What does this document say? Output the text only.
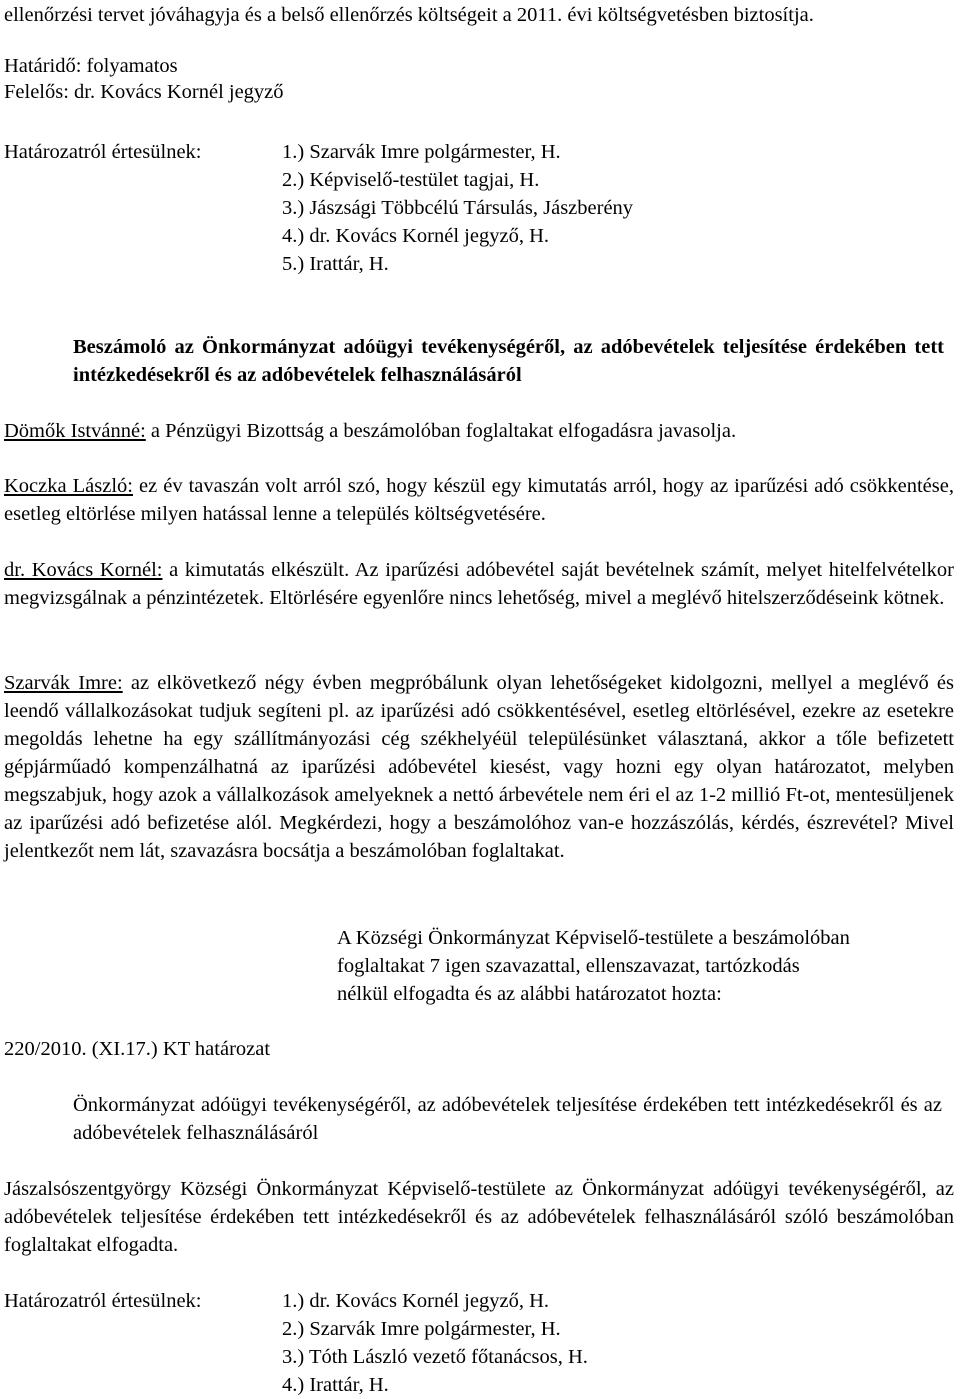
ellenőrzési tervet jóváhagyja és a belső ellenőrzés költségeit a 2011. évi költségvetésben biztosítja.

Határidő: folyamatos

Felelős: dr. Kovács Kornél jegyző

Határozatról értesülnek:	1.) Szarvák Imre polgármester, H.

2.) Képviselő-testület tagjai, H.

3.) Jászsági Többcélú Társulás, Jászberény

4.) dr. Kovács Kornél jegyző, H.

5.) Irattár, H.

Beszámoló az Önkormányzat adóügyi tevékenységéről, az adóbevételek teljesítése érdekében tett intézkedésekről és az adóbevételek felhasználásáról

Dömők Istvánné: a Pénzügyi Bizottság a beszámolóban foglaltakat elfogadásra javasolja.

Koczka László: ez év tavaszán volt arról szó, hogy készül egy kimutatás arról, hogy az iparűzési adó csökkentése, esetleg eltörlése milyen hatással lenne a település költségvetésére.

dr. Kovács Kornél: a kimutatás elkészült. Az iparűzési adóbevétel saját bevételnek számít, melyet hitelfelvételkor megvizsgálnak a pénzintézetek. Eltörlésére egyenlőre nincs lehetőség, mivel a meglévő hitelszerződéseink kötnek.

Szarvák Imre: az elkövetkező négy évben megpróbálunk olyan lehetőségeket kidolgozni, mellyel a meglévő és leendő vállalkozásokat tudjuk segíteni pl. az iparűzési adó csökkentésével, esetleg eltörlésével, ezekre az esetekre megoldás lehetne ha egy szállítmányozási cég székhelyéül településünket választaná, akkor a tőle befizetett gépjárműadó kompenzálhatná az iparűzési adóbevétel kiesést, vagy hozni egy olyan határozatot, melyben megszabjuk, hogy azok a vállalkozások amelyeknek a nettó árbevétele nem éri el az 1-2 millió Ft-ot, mentesüljenek az iparűzési adó befizetése alól. Megkérdezi, hogy a beszámolóhoz van-e hozzászólás, kérdés, észrevétel? Mivel jelentkezőt nem lát, szavazásra bocsátja a beszámolóban foglaltakat.

A Községi Önkormányzat Képviselő-testülete a beszámolóban

foglaltakat 7 igen szavazattal, ellenszavazat, tartózkodás

nélkül elfogadta és az alábbi határozatot hozta:

220/2010. (XI.17.) KT határozat

Önkormányzat adóügyi tevékenységéről, az adóbevételek teljesítése érdekében tett intézkedésekről és az adóbevételek felhasználásáról

Jászalsószentgyörgy Községi Önkormányzat Képviselő-testülete az Önkormányzat adóügyi tevékenységéről, az adóbevételek teljesítése érdekében tett intézkedésekről és az adóbevételek felhasználásáról szóló beszámolóban foglaltakat elfogadta.

Határozatról értesülnek:	1.) dr. Kovács Kornél jegyző, H.

2.) Szarvák Imre polgármester, H.

3.) Tóth László vezető főtanácsos, H.

4.) Irattár, H.
